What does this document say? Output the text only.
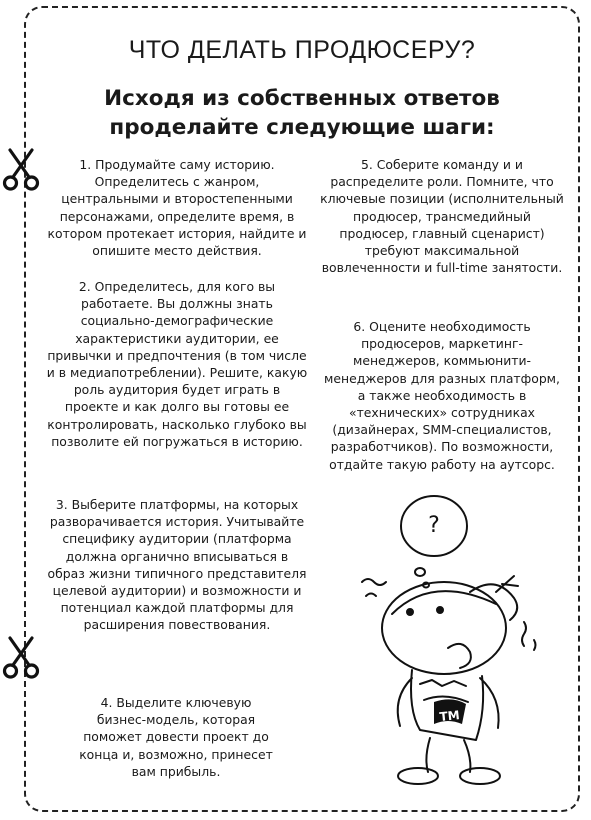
ЧТО ДЕЛАТЬ ПРОДЮСЕРУ?
Исходя из собственных ответов
проделайте следующие шаги:

1. Продумайте саму историю. Определитесь с жанром, центральными и второстепенными персонажами, определите время, в котором протекает история, найдите и опишите место действия.

2. Определитесь, для кого вы работаете. Вы должны знать социально-демографические характеристики аудитории, ее привычки и предпочтения (в том числе и в медиапотреблении). Решите, какую роль аудитория будет играть в проекте и как долго вы готовы ее контролировать, насколько глубоко вы позволите ей погружаться в историю.

3. Выберите платформы, на которых разворачивается история. Учитывайте специфику аудитории (платформа должна органично вписываться в образ жизни типичного представителя целевой аудитории) и возможности и потенциал каждой платформы для расширения повествования.

4. Выделите ключевую бизнес-модель, которая поможет довести проект до конца и, возможно, принесет вам прибыль.

5. Соберите команду и и распределите роли. Помните, что ключевые позиции (исполнительный продюсер, трансмедийный продюсер, главный сценарист) требуют максимальной вовлеченности и full-time занятости.

6. Оцените необходимость продюсеров, маркетинг-менеджеров, коммьюнити-менеджеров для разных платформ, а также необходимость в «технических» сотрудниках (дизайнерах, SMM-специалистов, разработчиков). По возможности, отдайте такую работу на аутсорс.

?
TM
